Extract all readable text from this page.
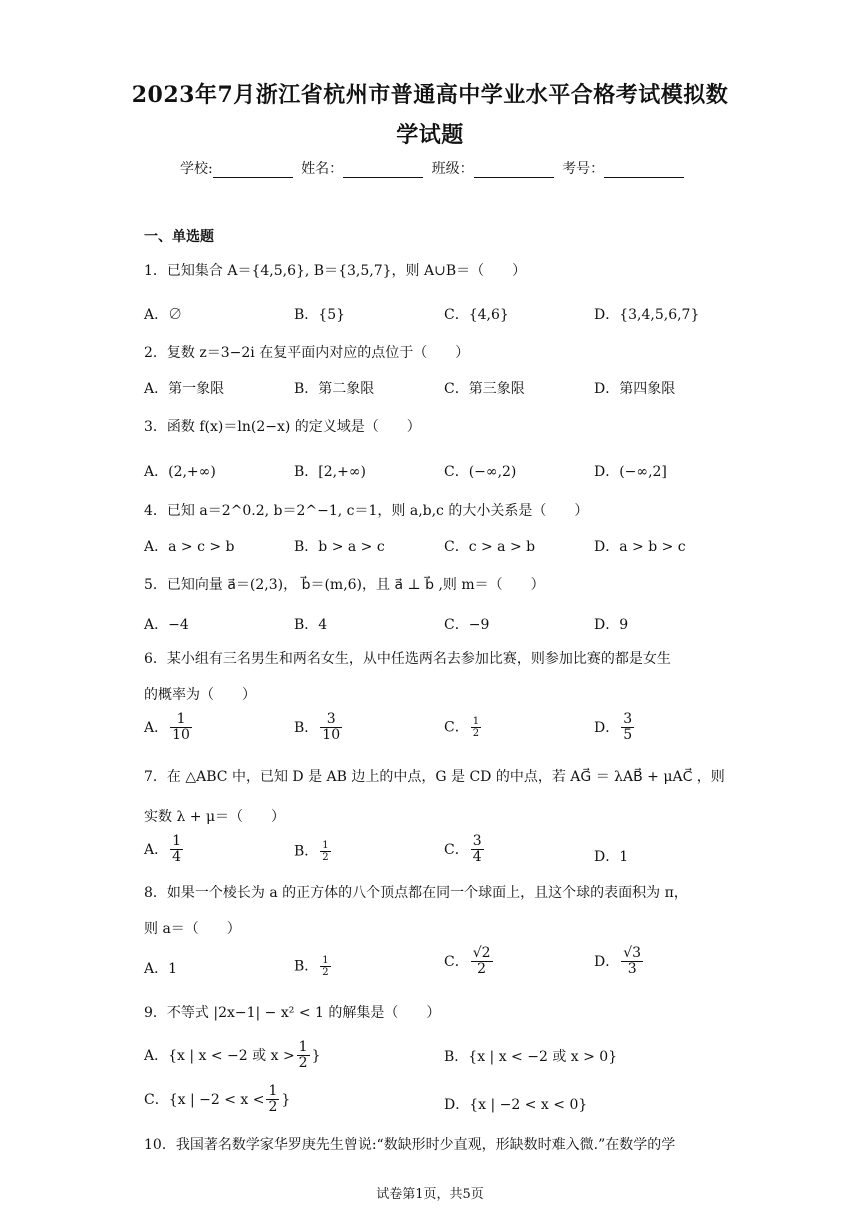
2023年7月浙江省杭州市普通高中学业水平合格考试模拟数
学试题
学校:	姓名：	班级：	考号：
一、单选题
1．已知集合 A＝{4,5,6}, B＝{3,5,7}，则 A∪B＝（　　）
A．∅	B．{5}	C．{4,6}	D．{3,4,5,6,7}
2．复数 z＝3−2i 在复平面内对应的点位于（　　）
A．第一象限	B．第二象限	C．第三象限	D．第四象限
3．函数 f(x)＝ln(2−x) 的定义域是（　　）
A．(2,+∞)	B．[2,+∞)	C．(−∞,2)	D．(−∞,2]
4．已知 a＝2^0.2, b＝2^−1, c＝1，则 a,b,c 的大小关系是（　　）
A．a > c > b	B．b > a > c	C．c > a > b	D．a > b > c
5．已知向量 a⃗＝(2,3)， b⃗＝(m,6)，且 a⃗ ⊥ b⃗ ,则 m＝（　　）
A．−4	B．4	C．−9	D．9
6．某小组有三名男生和两名女生，从中任选两名去参加比赛，则参加比赛的都是女生
的概率为（　　）
A． $\frac{1}{10}$	B． $\frac{3}{10}$	C． $\frac{1}{2}$	D． $\frac{3}{5}$
7．在 △ABC 中，已知 D 是 AB 边上的中点，G 是 CD 的中点，若 AG⃗ ＝ λAB⃗ + μAC⃗ ，则
实数 λ + μ＝（　　）
A． $\frac{1}{4}$	B． $\frac{1}{2}$	C． $\frac{3}{4}$	D．1
8．如果一个棱长为 a 的正方体的八个顶点都在同一个球面上，且这个球的表面积为 π，
则 a＝（　　）
A．1	B． $\frac{1}{2}$	C． $\frac{√2}{2}$	D． $\frac{√3}{3}$
9．不等式 |2x−1| − x² < 1 的解集是（　　）
A．{x | x < −2 或 $x > \frac{1}{2}$ }	B．{x | x < −2 或 x > 0}
C．{x | $-2 < x < \frac{1}{2}$ }	D．{x | −2 < x < 0}
10．我国著名数学家华罗庚先生曾说:“数缺形时少直观，形缺数时难入微.”在数学的学
试卷第1页，共5页
